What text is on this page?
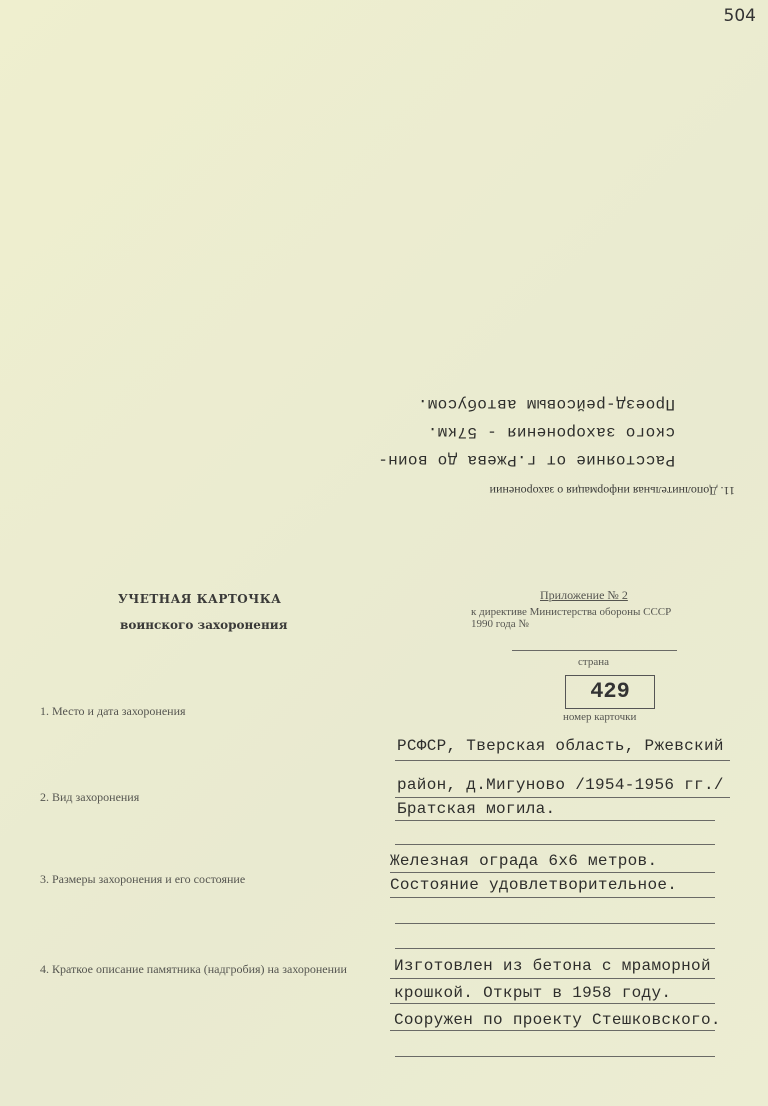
504
11. Дополнительная информация о захоронении
Расстояние от г.Ржева до воин-
ского захоронения - 57км.
Проезд-рейсовым автобусом.
УЧЕТНАЯ КАРТОЧКА
воинского захоронения
Приложение № 2
к директиве Министерства обороны СССР
1990 года №
страна
429
номер карточки
1. Место и дата захоронения
РСФСР, Тверская область, Ржевский
район, д.Мигуново /1954-1956 гг./
2. Вид захоронения
Братская могила.
3. Размеры захоронения и его состояние
Железная ограда 6х6 метров.
Состояние удовлетворительное.
4. Краткое описание памятника (надгробия) на захоронении	Изготовлен из бетона с мраморной
крошкой. Открыт в 1958 году.
Сооружен по проекту Стешковского.
